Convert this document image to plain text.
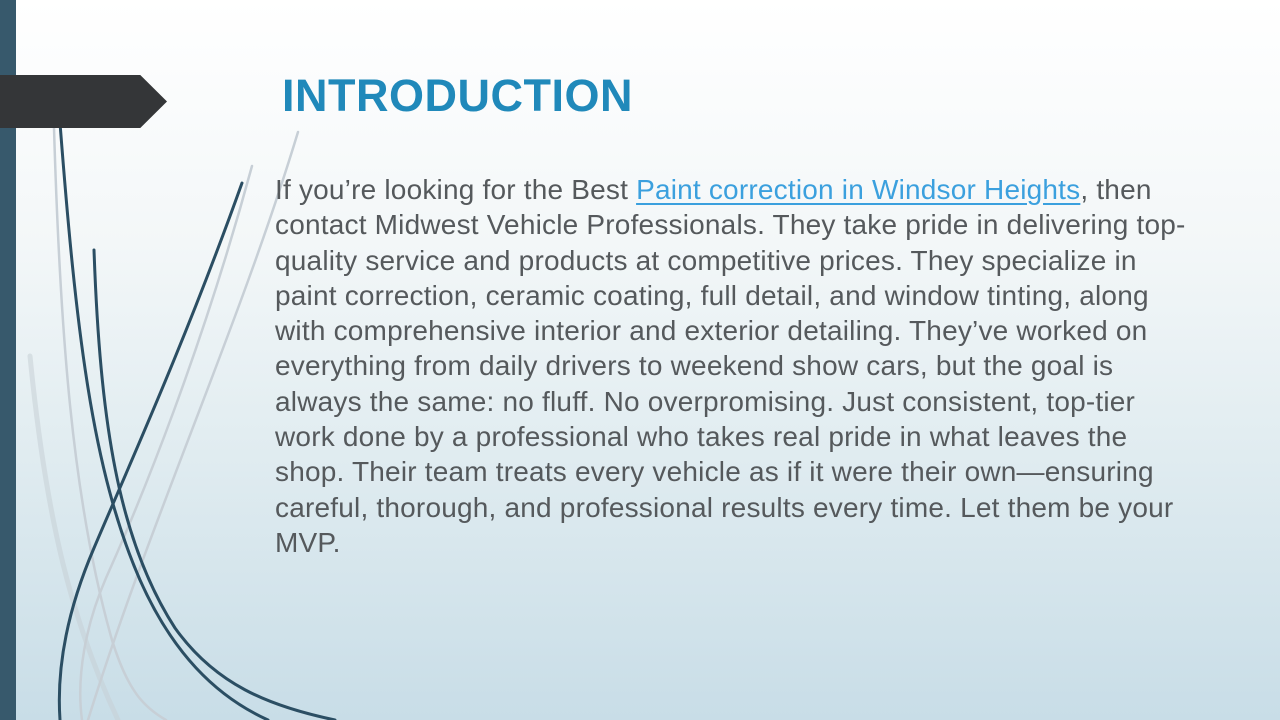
INTRODUCTION

If you’re looking for the Best Paint correction in Windsor Heights, then contact Midwest Vehicle Professionals. They take pride in delivering top-quality service and products at competitive prices. They specialize in paint correction, ceramic coating, full detail, and window tinting, along with comprehensive interior and exterior detailing. They’ve worked on everything from daily drivers to weekend show cars, but the goal is always the same: no fluff. No overpromising. Just consistent, top-tier work done by a professional who takes real pride in what leaves the shop. Their team treats every vehicle as if it were their own—ensuring careful, thorough, and professional results every time. Let them be your MVP.
